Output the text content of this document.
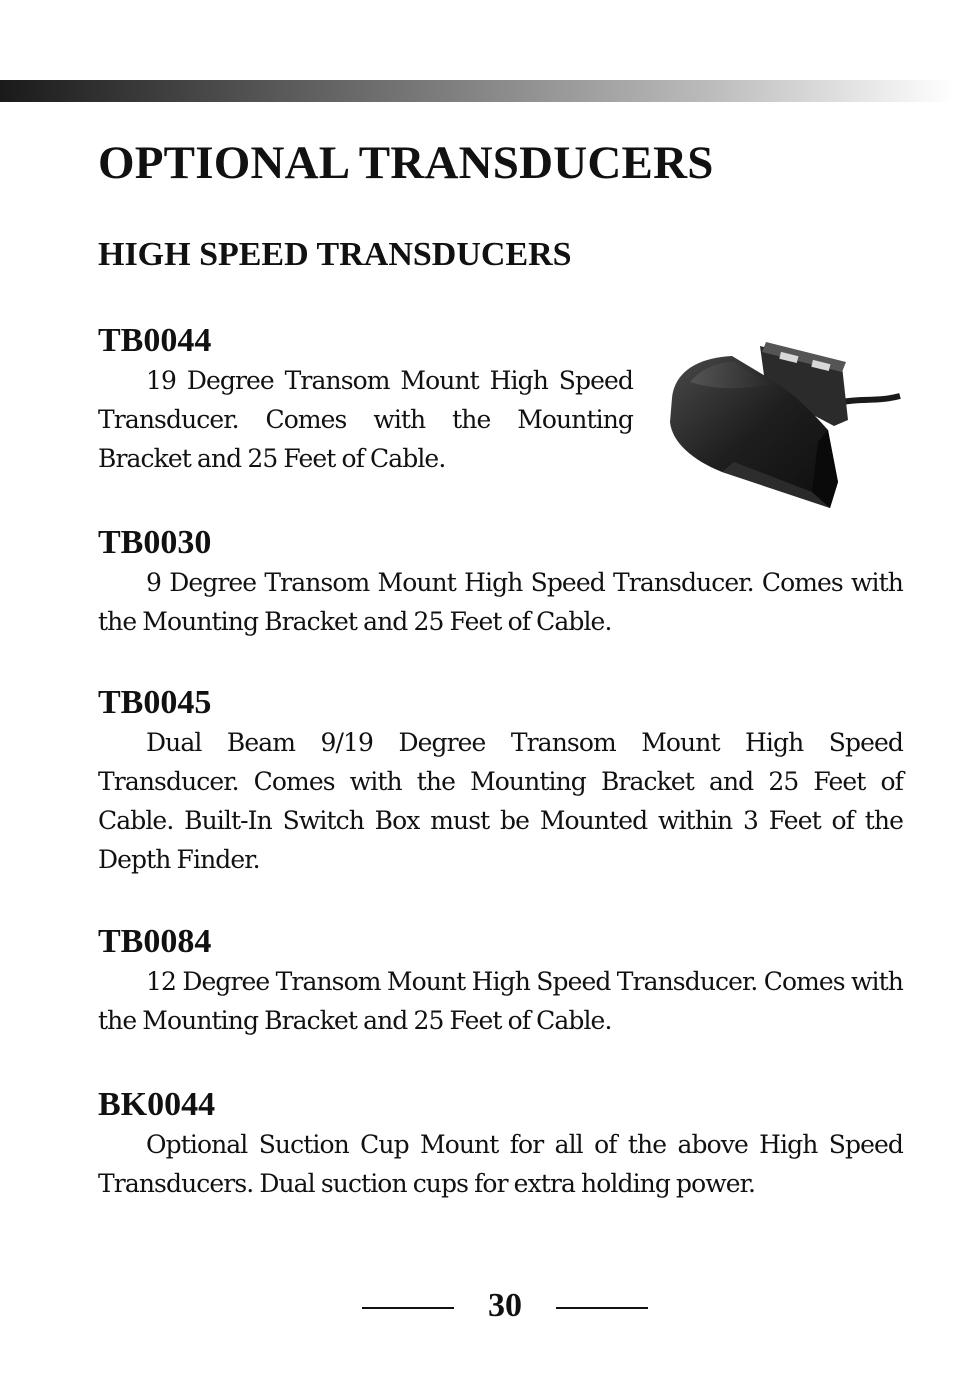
OPTIONAL TRANSDUCERS
HIGH SPEED TRANSDUCERS
TB0044

19 Degree Transom Mount High Speed Transducer. Comes with the Mounting Bracket and 25 Feet of Cable.

TB0030

9 Degree Transom Mount High Speed Transducer. Comes with the Mounting Bracket and 25 Feet of Cable.

TB0045

Dual Beam 9/19 Degree Transom Mount High Speed Transducer. Comes with the Mounting Bracket and 25 Feet of Cable. Built-In Switch Box must be Mounted within 3 Feet of the Depth Finder.

TB0084

12 Degree Transom Mount High Speed Transducer. Comes with the Mounting Bracket and 25 Feet of Cable.

BK0044

Optional Suction Cup Mount for all of the above High Speed Transducers. Dual suction cups for extra holding power.

30
